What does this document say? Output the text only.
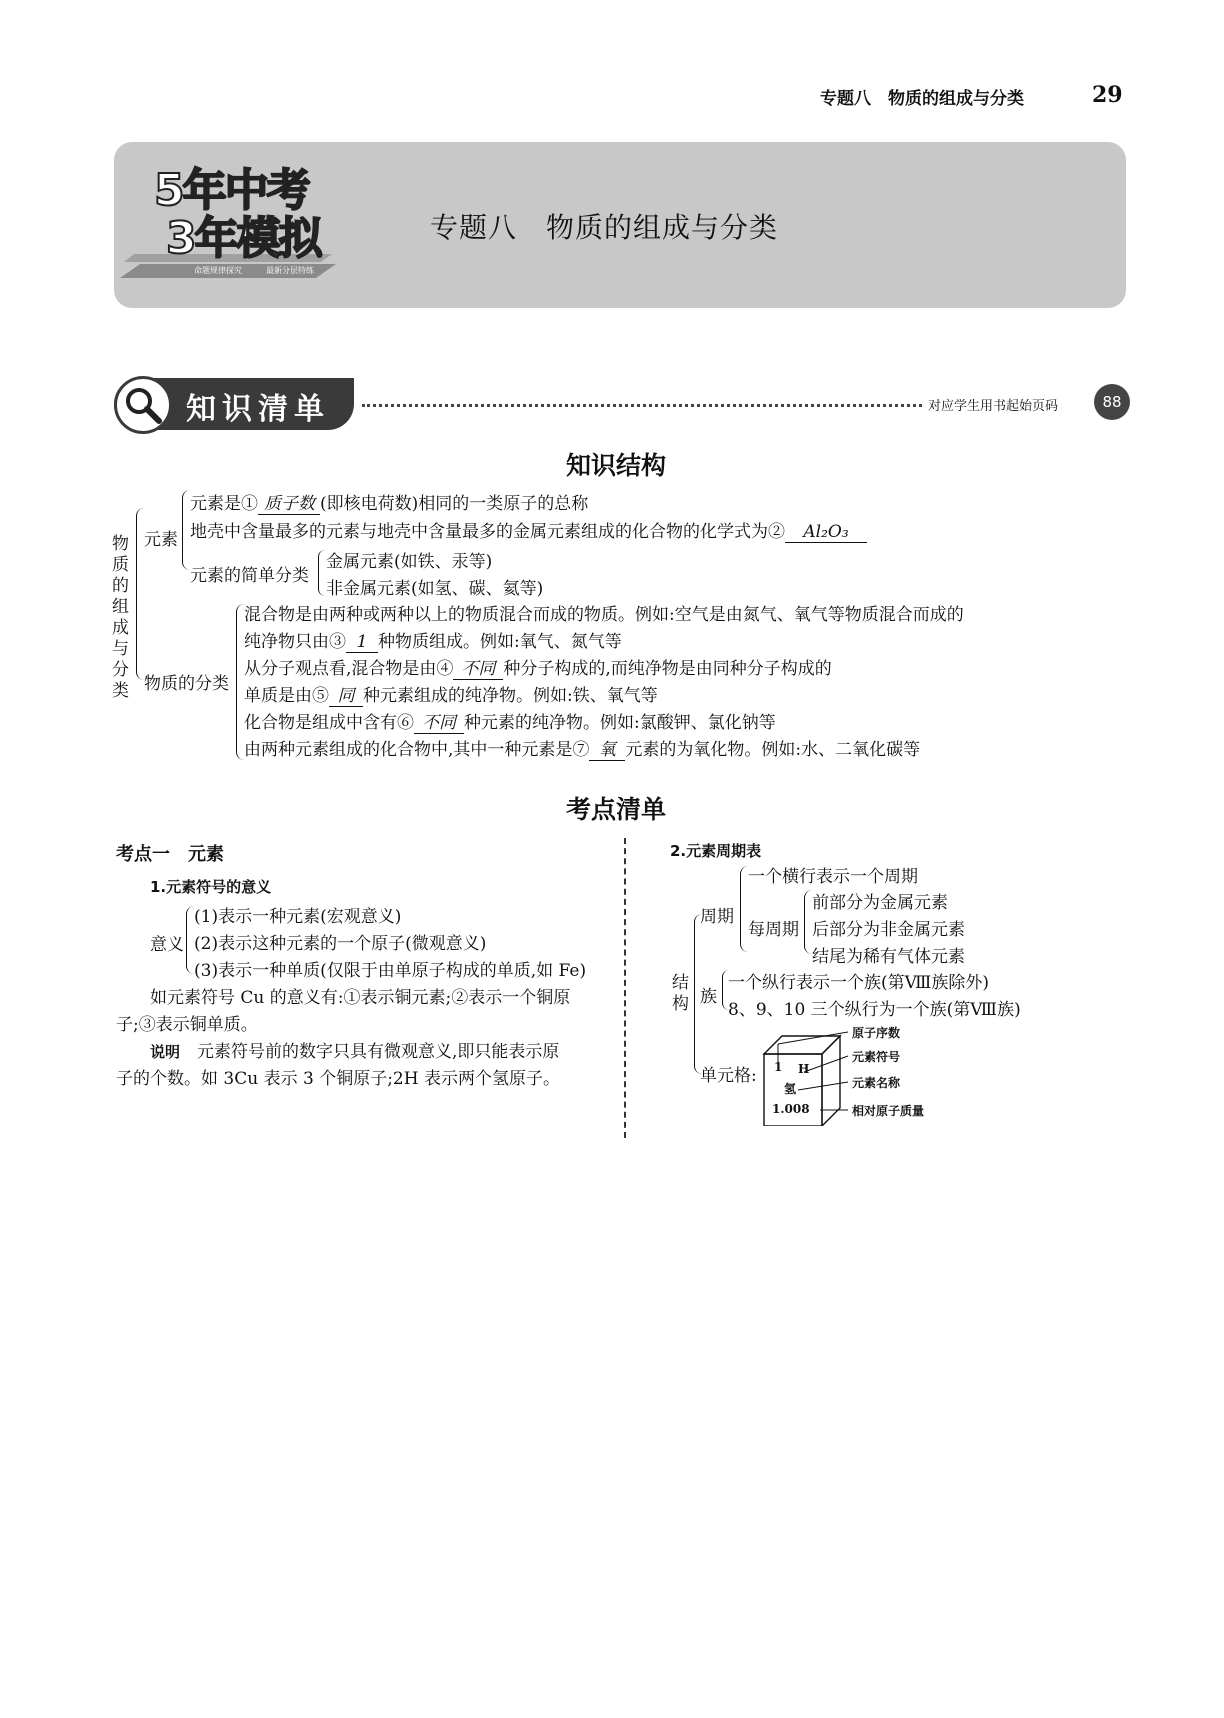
专题八　物质的组成与分类	29
5年中考
3年模拟
命题规律探究	最新分层特练
专题八　物质的组成与分类
知识清单	对应学生用书起始页码	88
知识结构
物质的组成与分类
元素
元素是① 质子数 (即核电荷数)相同的一类原子的总称
地壳中含量最多的元素与地壳中含量最多的金属元素组成的化合物的化学式为② Al₂O₃
元素的简单分类
金属元素(如铁、汞等)
非金属元素(如氢、碳、氦等)
物质的分类
混合物是由两种或两种以上的物质混合而成的物质。例如:空气是由氮气、氧气等物质混合而成的
纯净物只由③ 1 种物质组成。例如:氧气、氮气等
从分子观点看,混合物是由④ 不同 种分子构成的,而纯净物是由同种分子构成的
单质是由⑤ 同 种元素组成的纯净物。例如:铁、氧气等
化合物是组成中含有⑥ 不同 种元素的纯净物。例如:氯酸钾、氯化钠等
由两种元素组成的化合物中,其中一种元素是⑦ 氧 元素的为氧化物。例如:水、二氧化碳等
考点清单
考点一　元素
1.元素符号的意义
意义
(1)表示一种元素(宏观意义)
(2)表示这种元素的一个原子(微观意义)
(3)表示一种单质(仅限于由单原子构成的单质,如 Fe)
如元素符号 Cu 的意义有:①表示铜元素;②表示一个铜原
子;③表示铜单质。
说明　 元素符号前的数字只具有微观意义,即只能表示原
子的个数。如 3Cu 表示 3 个铜原子;2H 表示两个氢原子。
2.元素周期表
结构
周期
一个横行表示一个周期
每周期
前部分为金属元素
后部分为非金属元素
结尾为稀有气体元素
族
一个纵行表示一个族(第Ⅷ族除外)
8、9、10 三个纵行为一个族(第Ⅷ族)
单元格: 1 H
氢
1.008
原子序数
元素符号
元素名称
相对原子质量
